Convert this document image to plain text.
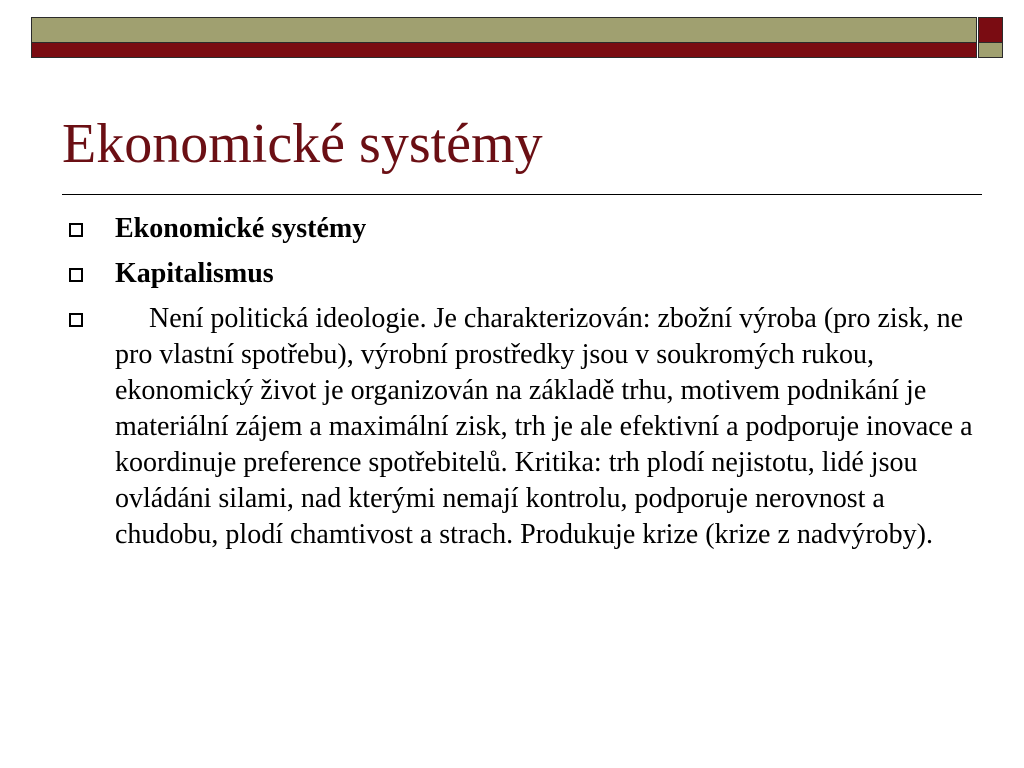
Ekonomické systémy
Ekonomické systémy
Kapitalismus
Není politická ideologie. Je charakterizován: zbožní výroba (pro zisk, ne pro vlastní spotřebu), výrobní prostředky jsou v soukromých rukou, ekonomický život je organizován na základě trhu, motivem podnikání je materiální zájem a maximální zisk, trh je ale efektivní a podporuje inovace a koordinuje preference spotřebitelů. Kritika: trh plodí nejistotu, lidé jsou ovládáni silami, nad kterými nemají kontrolu, podporuje nerovnost a chudobu, plodí chamtivost a strach. Produkuje krize (krize z nadvýroby).
